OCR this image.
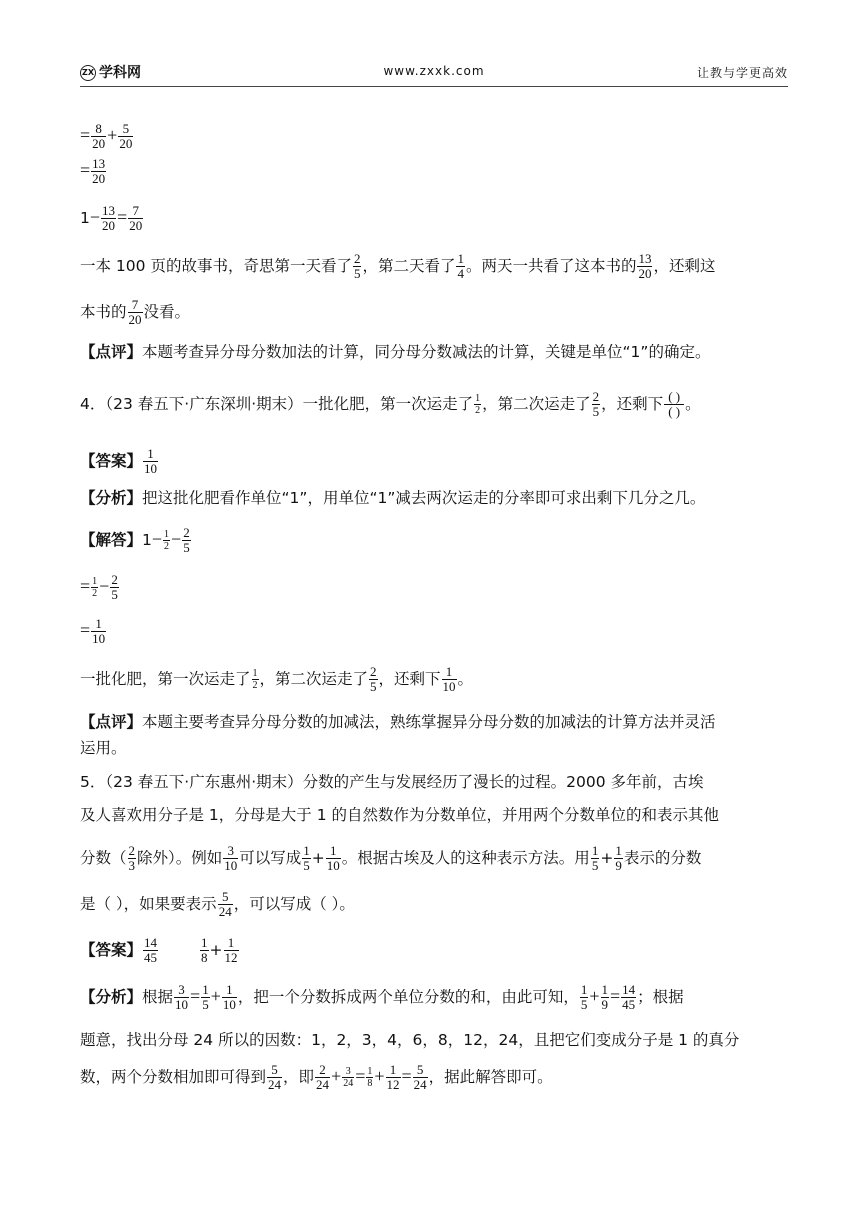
ZX 学科网	www.zxxk.com	让教与学更高效
= $\frac{8}{20} + \frac{5}{20}$
= $\frac{13}{20}$
$1- \frac{13}{20} = \frac{7}{20}$
一本 100 页的故事书，奇思第一天看了 $\frac{2}{5}$ ，第二天看了 $\frac{1}{4}$ 。两天一共看了这本书的 $\frac{13}{20}$ ，还剩这
本书的 $\frac{7}{20}$ 没看。
【点评】本题考查异分母分数加法的计算，同分母分数减法的计算，关键是单位“1”的确定。
4．（23 春五下·广东深圳·期末）一批化肥，第一次运走了 $\frac{1}{2}$ ，第二次运走了 $\frac{2}{5}$ ，还剩下 $\frac{( )}{( )}$ 。
【答案】 $\frac{1}{10}$
【分析】把这批化肥看作单位“1”，用单位“1”减去两次运走的分率即可求出剩下几分之几。
【解答】$1- \frac{1}{2} - \frac{2}{5}$
= $\frac{1}{2} - \frac{2}{5}$
= $\frac{1}{10}$
一批化肥，第一次运走了 $\frac{1}{2}$ ，第二次运走了 $\frac{2}{5}$ ，还剩下 $\frac{1}{10}$ 。
【点评】本题主要考查异分母分数的加减法，熟练掌握异分母分数的加减法的计算方法并灵活
运用。
5．（23 春五下·广东惠州·期末）分数的产生与发展经历了漫长的过程。2000 多年前，古埃
及人喜欢用分子是 1，分母是大于 1 的自然数作为分数单位，并用两个分数单位的和表示其他
分数（ $\frac{2}{3}$ 除外）。例如 $\frac{3}{10}$ 可以写成 $\frac{1}{5} + \frac{1}{10}$ 。根据古埃及人的这种表示方法。用 $\frac{1}{5} + \frac{1}{9}$ 表示的分数
是（ ），如果要表示 $\frac{5}{24}$ ，可以写成（ ）。
【答案】 $\frac{14}{45}$	$\frac{1}{8} + \frac{1}{12}$
【分析】根据 $\frac{3}{10} = \frac{1}{5} + \frac{1}{10}$ ，把一个分数拆成两个单位分数的和，由此可知， $\frac{1}{5} + \frac{1}{9} = \frac{14}{45}$ ；根据
题意，找出分母 24 所以的因数：1，2，3，4，6，8，12，24，且把它们变成分子是 1 的真分
数，两个分数相加即可得到 $\frac{5}{24}$ ，即 $\frac{2}{24} + \frac{3}{24} = \frac{1}{8} + \frac{1}{12} = \frac{5}{24}$ ，据此解答即可。
